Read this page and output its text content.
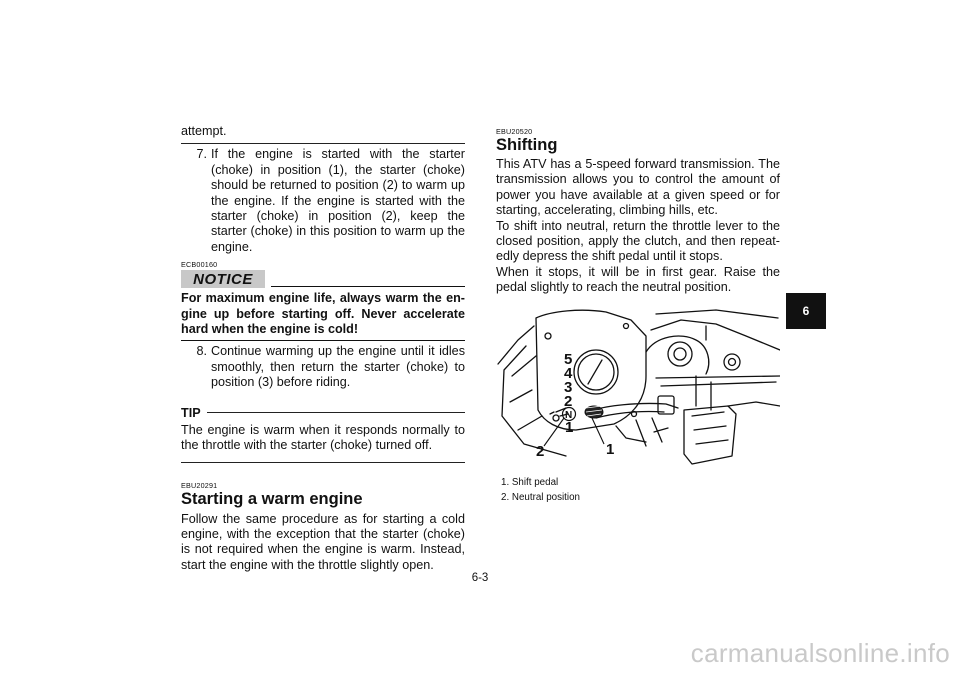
attempt.

7. If the engine is started with the starter (choke) in position (1), the starter (choke) should be returned to position (2) to warm up the engine. If the engine is started with the starter (choke) in position (2), keep the starter (choke) in this position to warm up the engine.

ECB00160

NOTICE

For maximum engine life, always warm the en-gine up before starting off. Never accelerate hard when the engine is cold!

8. Continue warming up the engine until it idles smoothly, then return the starter (choke) to position (3) before riding.
TIP

The engine is warm when it responds normally to the throttle with the starter (choke) turned off.

EBU20291

Starting a warm engine

Follow the same procedure as for starting a cold engine, with the exception that the starter (choke) is not required when the engine is warm. Instead, start the engine with the throttle slightly open.

EBU20520

Shifting

This ATV has a 5-speed forward transmission. The transmission allows you to control the amount of power you have available at a given speed or for starting, accelerating, climbing hills, etc.

To shift into neutral, return the throttle lever to the closed position, apply the clutch, and then repeat-edly depress the shift pedal until it stops.

When it stops, it will be in first gear. Raise the pedal slightly to reach the neutral position.

5
4
3
2
N
1
2	1

1. Shift pedal

2. Neutral position

6
6-3
carmanualsonline.info
